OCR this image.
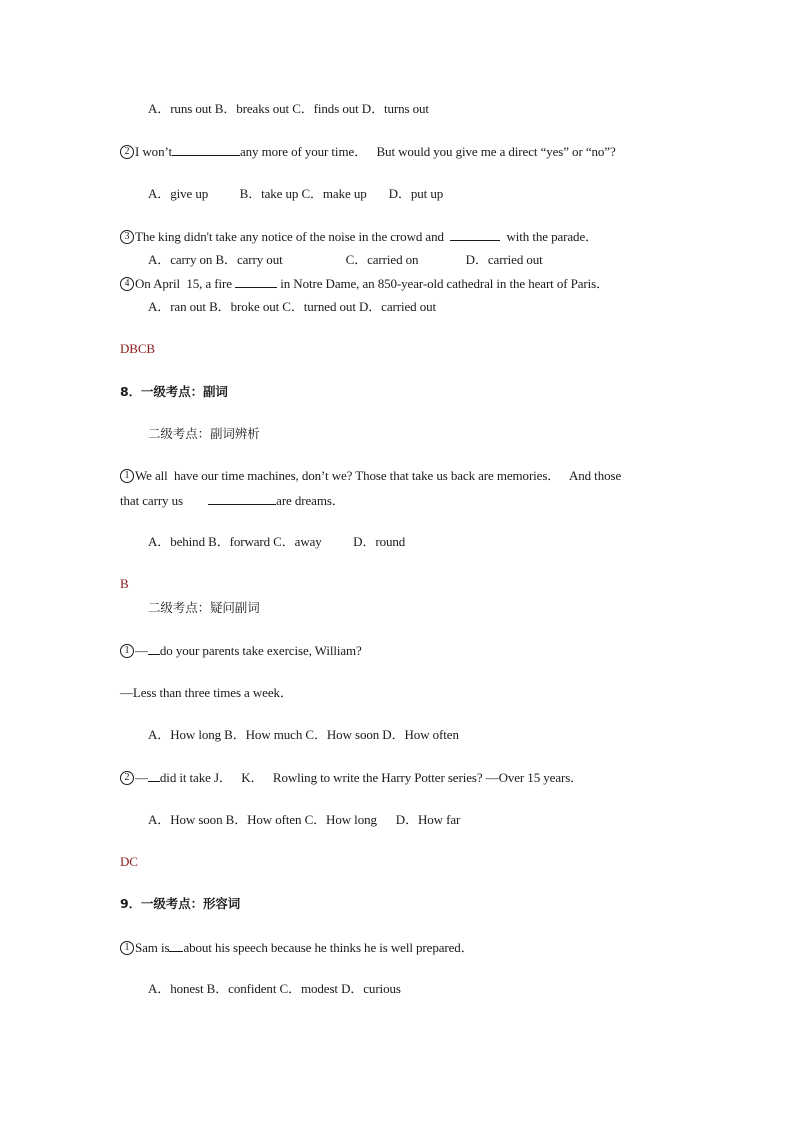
A．runs out B．breaks out C．finds out D．turns out
2 I won’t	any more of your time．   But would you give me a direct “yes” or “no”?
A．give up          B．take up C．make up       D．put up
3 The king didn't take any notice of the noise in the crowd and	with the parade．
A．carry on B．carry out                    C．carried on               D．carried out
4 On April  15, a fire	in Notre Dame, an 850-year-old cathedral in the heart of Paris．
A．ran out B．broke out C．turned out D．carried out
DBCB
8．一级考点：副词
二级考点：副词辨析
1 We all  have our time machines, don’t we? Those that take us back are memories．   And those
that carry us	are dreams．
A．behind B．forward C．away          D．round
B
二级考点：疑问副词
1 — do your parents take exercise, William?
—Less than three times a week．
A．How long B．How much C．How soon D．How often
2 — did it take J．   K．   Rowling to write the Harry Potter series? —Over 15 years．
A．How soon B．How often C．How long      D．How far
DC
9．一级考点：形容词
1 Sam is about his speech because he thinks he is well prepared．
A．honest B．confident C．modest D．curious
